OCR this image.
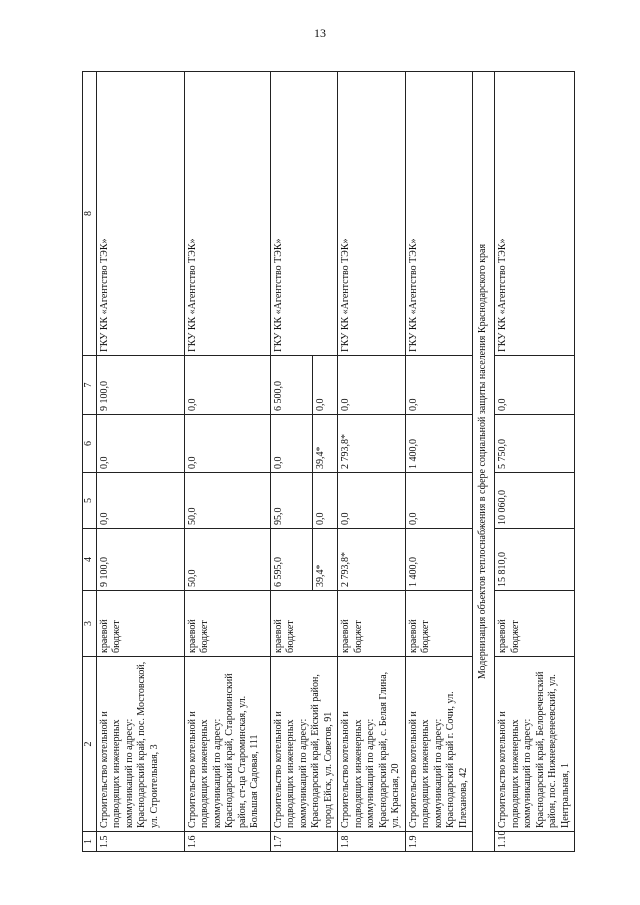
13
1	2	3	4	5	6	7	8
1.5	Строительство котельной и подводящих инженерных коммуникаций по адресу: Краснодарский край, пос. Мостовской, ул. Строительная, 3	краевой бюджет	9 100,0	0,0	0,0	9 100,0	ГКУ КК «Агентство ТЭК»
1.6	Строительство котельной и подводящих инженерных коммуникаций по адресу: Краснодарский край, Староминский район, ст-ца Староминская, ул. Большая Садовая, 111	краевой бюджет	50,0	50,0	0,0	0,0	ГКУ КК «Агентство ТЭК»
1.7	Строительство котельной и подводящих инженерных коммуникаций по адресу: Краснодарский край, Ейский район, город Ейск, ул. Советов, 91	краевой бюджет	6 595,0	95,0	0,0	6 500,0	ГКУ КК «Агентство ТЭК»
			39,4*	0,0	39,4*	0,0	
1.8	Строительство котельной и подводящих инженерных коммуникаций по адресу: Краснодарский край, с. Белая Глина, ул. Красная, 20	краевой бюджет	2 793,8*	0,0	2 793,8*	0,0	ГКУ КК «Агентство ТЭК»
1.9	Строительство котельной и подводящих инженерных коммуникаций по адресу: Краснодарский край г. Сочи, ул. Плеханова, 42	краевой бюджет	1 400,0	0,0	1 400,0	0,0	ГКУ КК «Агентство ТЭК»
Модернизация объектов теплоснабжения в сфере социальной защиты населения Краснодарского края							
1.10	Строительство котельной и подводящих инженерных коммуникаций по адресу: Краснодарский край, Белореченский район, пос. Нижневеденеевский, ул. Центральная, 1	краевой бюджет	15 810,0	10 060,0	5 750,0	0,0	ГКУ КК «Агентство ТЭК»
